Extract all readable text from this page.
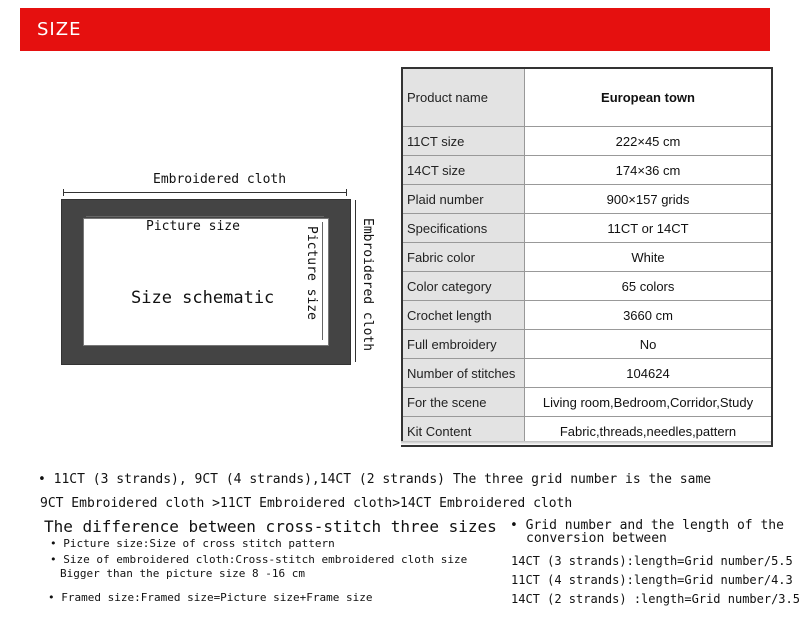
SIZE
Embroidered cloth
Picture size
Size schematic Picture size	Embroidered cloth
Product name	European town
11CT size	222×45 cm
14CT size	174×36 cm
Plaid number	900×157 grids
Specifications	11CT or 14CT
Fabric color	White
Color category	65 colors
Crochet length	3660 cm
Full embroidery	No
Number of stitches	104624
For the scene	Living room,Bedroom,Corridor,Study
Kit Content	Fabric,threads,needles,pattern
• 11CT (3 strands), 9CT (4 strands),14CT (2 strands) The three grid number is the same
9CT Embroidered cloth >11CT Embroidered cloth>14CT Embroidered cloth
The difference between cross-stitch three sizes
• Picture size:Size of cross stitch pattern
• Size of embroidered cloth:Cross-stitch embroidered cloth size
Bigger than the picture size 8 -16 cm
• Framed size:Framed size=Picture size+Frame size
• Grid number and the length of the
conversion between
14CT (3 strands):length=Grid number/5.5
11CT (4 strands):length=Grid number/4.3
14CT (2 strands) :length=Grid number/3.5
